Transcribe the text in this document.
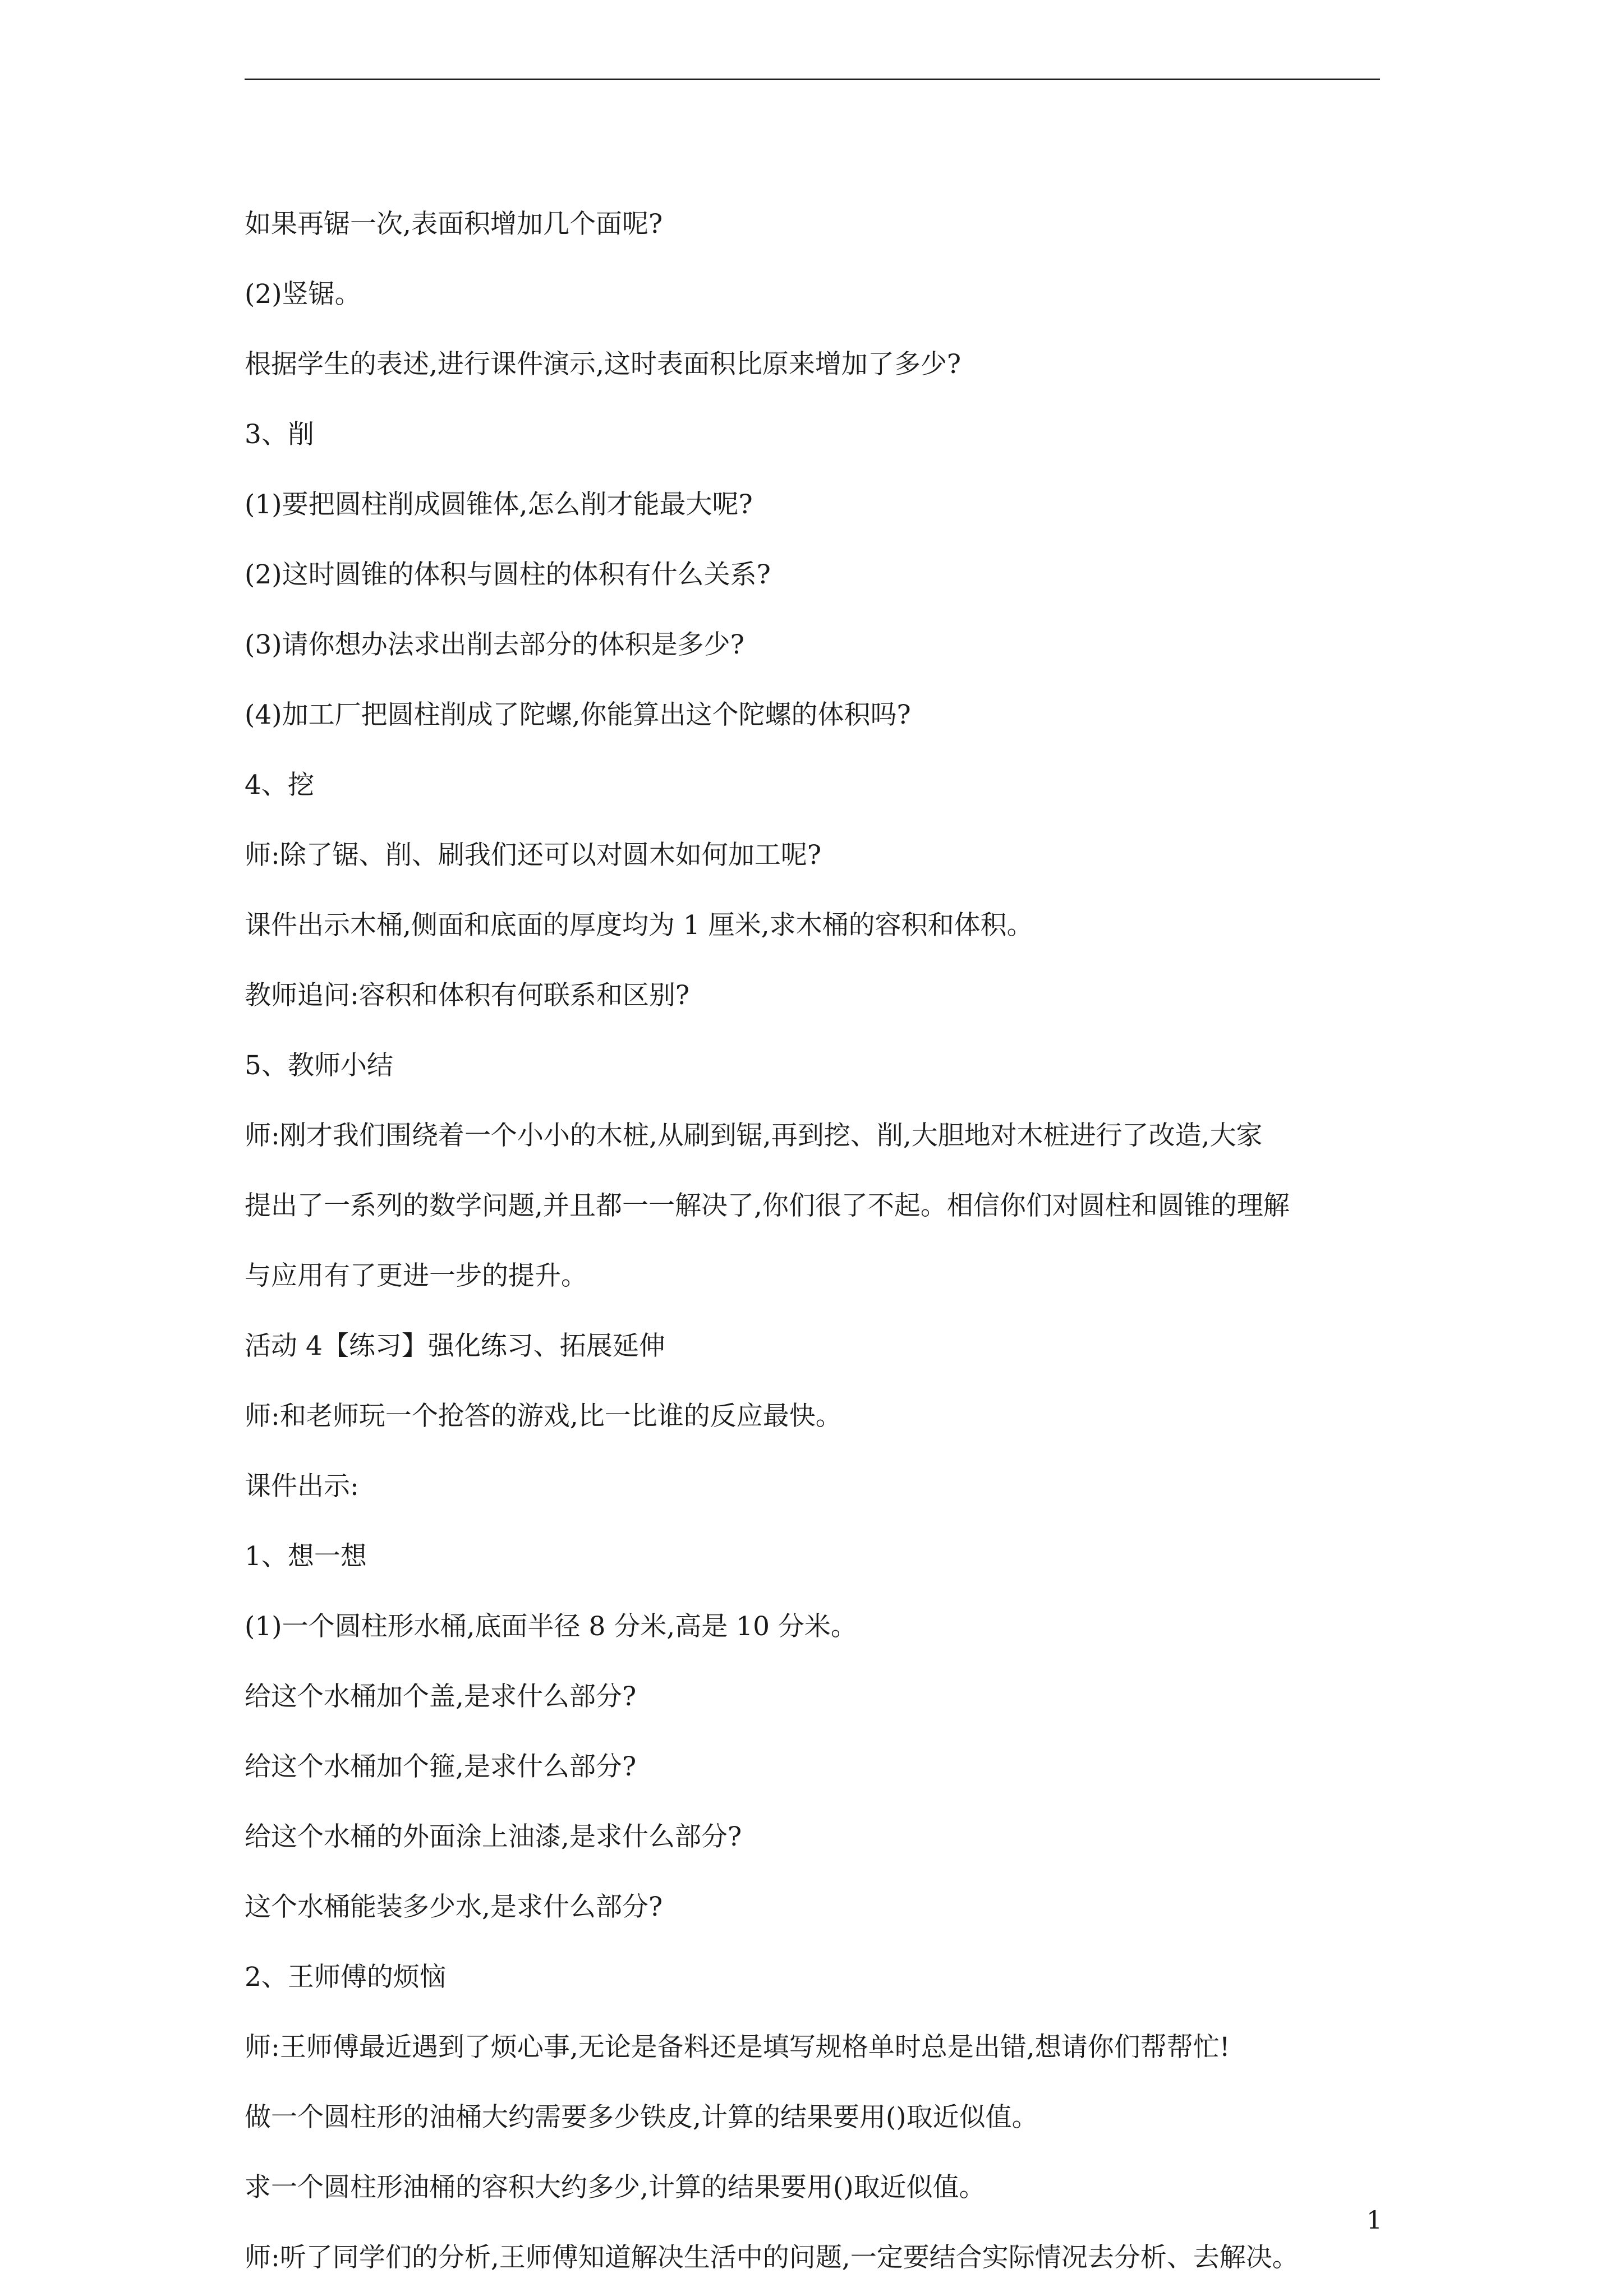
如果再锯一次,表面积增加几个面呢?

(2)竖锯。

根据学生的表述,进行课件演示,这时表面积比原来增加了多少?

3、削

(1)要把圆柱削成圆锥体,怎么削才能最大呢?

(2)这时圆锥的体积与圆柱的体积有什么关系?

(3)请你想办法求出削去部分的体积是多少?

(4)加工厂把圆柱削成了陀螺,你能算出这个陀螺的体积吗?

4、挖

师:除了锯、削、刷我们还可以对圆木如何加工呢?

课件出示木桶,侧面和底面的厚度均为 1 厘米,求木桶的容积和体积。

教师追问:容积和体积有何联系和区别?

5、教师小结

师:刚才我们围绕着一个小小的木桩,从刷到锯,再到挖、削,大胆地对木桩进行了改造,大家

提出了一系列的数学问题,并且都一一解决了,你们很了不起。相信你们对圆柱和圆锥的理解

与应用有了更进一步的提升。

活动 4【练习】强化练习、拓展延伸

师:和老师玩一个抢答的游戏,比一比谁的反应最快。

课件出示:

1、想一想

(1)一个圆柱形水桶,底面半径 8 分米,高是 10 分米。

给这个水桶加个盖,是求什么部分?

给这个水桶加个箍,是求什么部分?

给这个水桶的外面涂上油漆,是求什么部分?

这个水桶能装多少水,是求什么部分?

2、王师傅的烦恼

师:王师傅最近遇到了烦心事,无论是备料还是填写规格单时总是出错,想请你们帮帮忙!

做一个圆柱形的油桶大约需要多少铁皮,计算的结果要用()取近似值。

求一个圆柱形油桶的容积大约多少,计算的结果要用()取近似值。

师:听了同学们的分析,王师傅知道解决生活中的问题,一定要结合实际情况去分析、去解决。

1
